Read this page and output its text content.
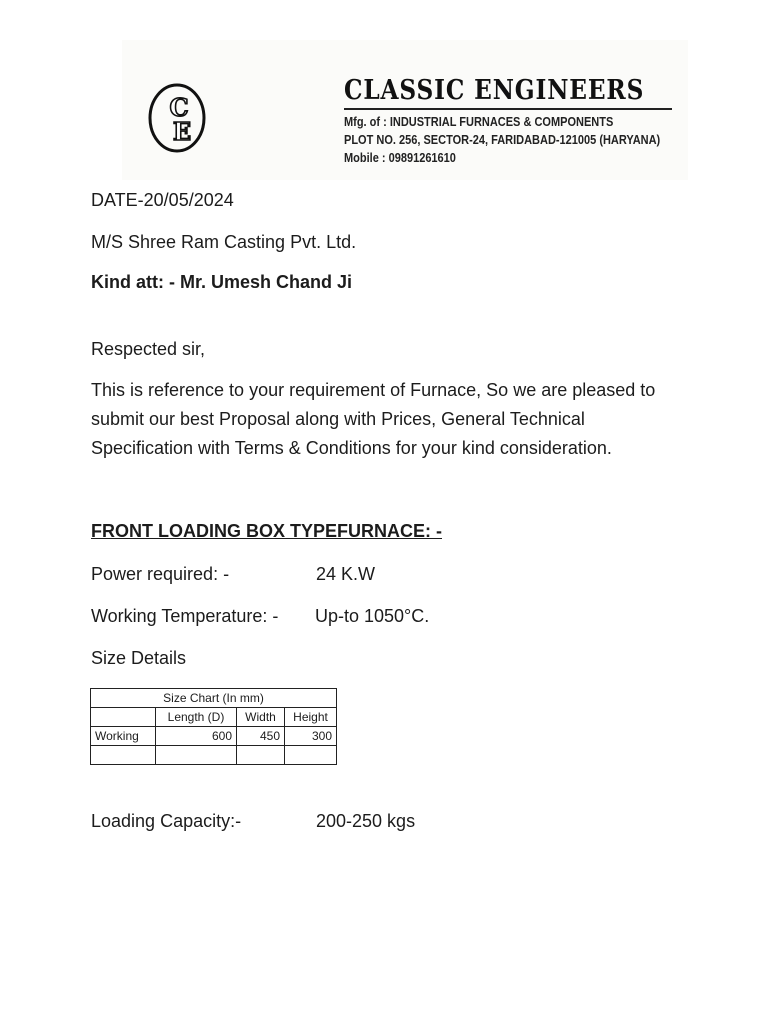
C
E
CLASSIC ENGINEERS
Mfg. of : INDUSTRIAL FURNACES & COMPONENTS
PLOT NO. 256, SECTOR-24, FARIDABAD-121005 (HARYANA)
Mobile : 09891261610
DATE-20/05/2024
M/S Shree Ram Casting Pvt. Ltd.
Kind att: - Mr. Umesh Chand Ji
Respected sir,
This is reference to your requirement of Furnace, So we are pleased to
submit our best Proposal along with Prices, General Technical
Specification with Terms & Conditions for your kind consideration.
FRONT LOADING BOX TYPEFURNACE: -
Power required: -	24 K.W
Working Temperature: - Up-to 1050°C.
Size Details
Size Chart (In mm)			
	Length (D)	Width	Height
Working	600	450	300

Loading Capacity:-	200-250 kgs
